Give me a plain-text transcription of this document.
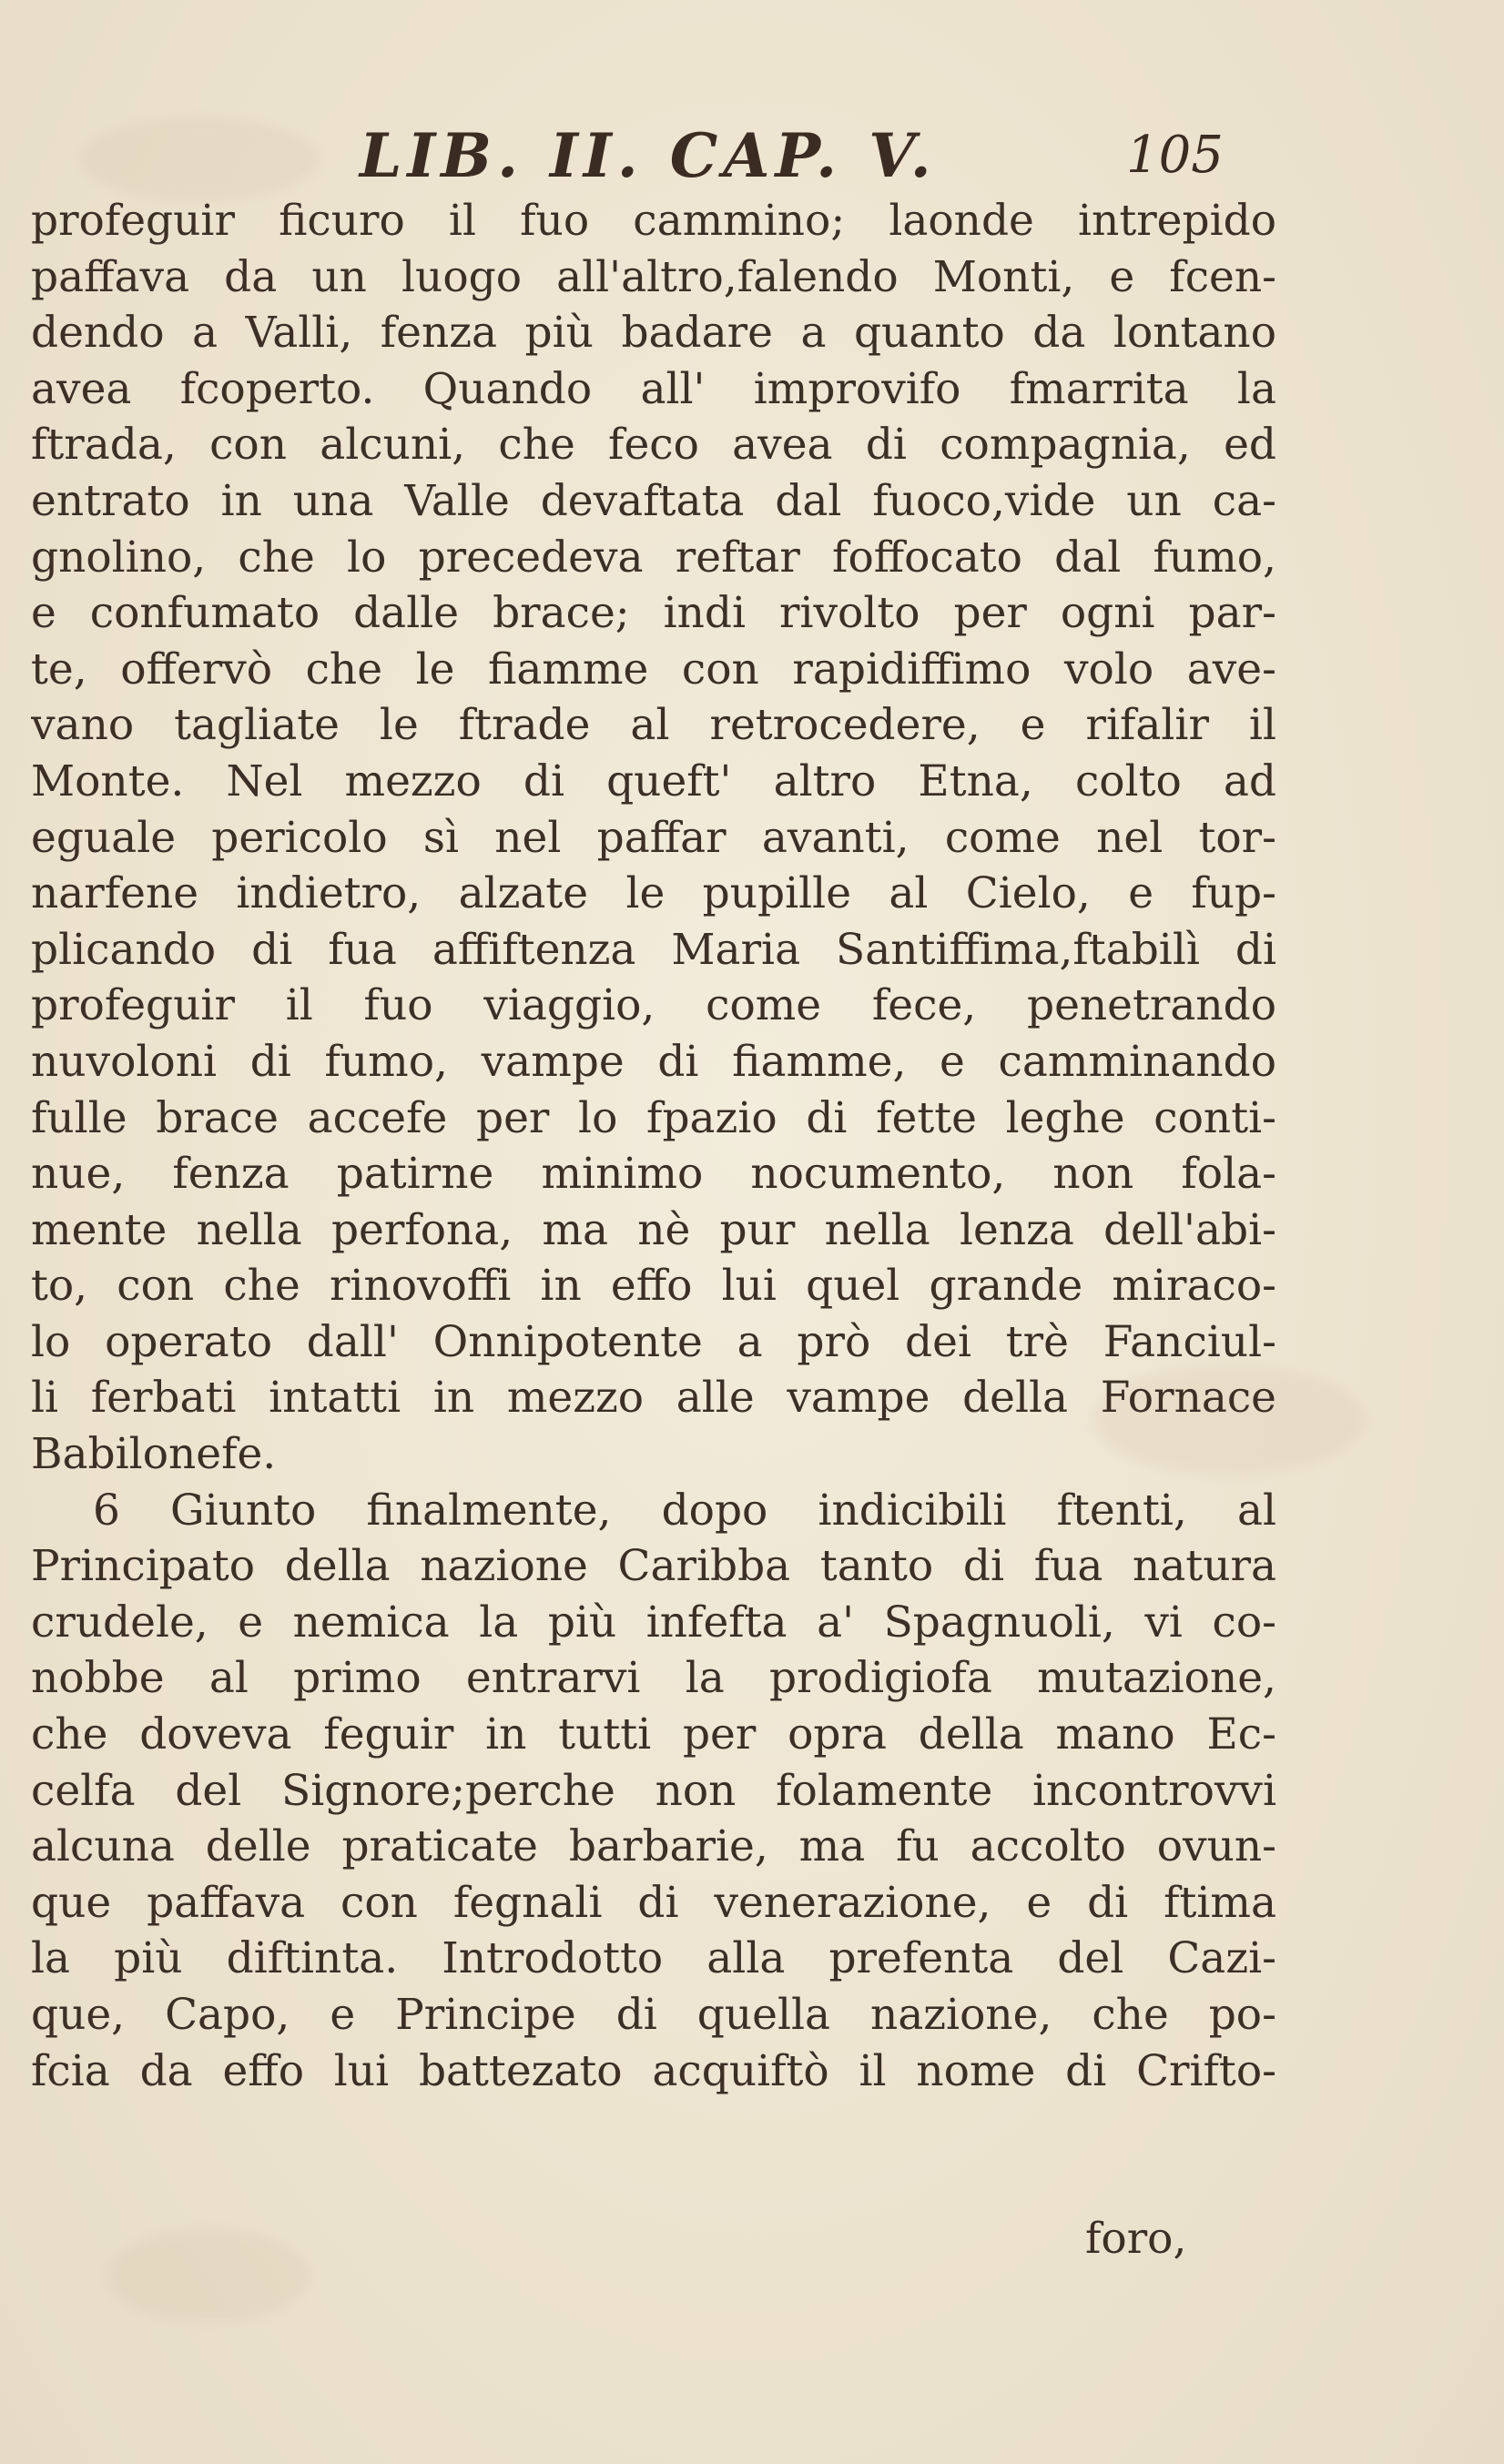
LIB. II. CAP. V.	105
profeguir ficuro il fuo cammino; laonde intrepido
paffava da un luogo all'altro,falendo Monti, e fcen-
dendo a Valli, fenza più badare a quanto da lontano
avea fcoperto. Quando all' improvifo fmarrita la
ftrada, con alcuni, che feco avea di compagnia, ed
entrato in una Valle devaftata dal fuoco,vide un ca-
gnolino, che lo precedeva reftar foffocato dal fumo,
e confumato dalle brace; indi rivolto per ogni par-
te, offervò che le fiamme con rapidiffimo volo ave-
vano tagliate le ftrade al retrocedere, e rifalir il
Monte. Nel mezzo di queft' altro Etna, colto ad
eguale pericolo sì nel paffar avanti, come nel tor-
narfene indietro, alzate le pupille al Cielo, e fup-
plicando di fua affiftenza Maria Santiffima,ftabilì di
profeguir il fuo viaggio, come fece, penetrando
nuvoloni di fumo, vampe di fiamme, e camminando
fulle brace accefe per lo fpazio di fette leghe conti-
nue, fenza patirne minimo nocumento, non fola-
mente nella perfona, ma nè pur nella lenza dell'abi-
to, con che rinovoffi in effo lui quel grande miraco-
lo operato dall' Onnipotente a prò dei trè Fanciul-
li ferbati intatti in mezzo alle vampe della Fornace
Babilonefe.
6 Giunto finalmente, dopo indicibili ftenti, al
Principato della nazione Caribba tanto di fua natura
crudele, e nemica la più infefta a' Spagnuoli, vi co-
nobbe al primo entrarvi la prodigiofa mutazione,
che doveva feguir in tutti per opra della mano Ec-
celfa del Signore;perche non folamente incontrovvi
alcuna delle praticate barbarie, ma fu accolto ovun-
que paffava con fegnali di venerazione, e di ftima
la più diftinta. Introdotto alla prefenta del Cazi-
que, Capo, e Principe di quella nazione, che po-
fcia da effo lui battezato acquiftò il nome di Crifto-
foro,
